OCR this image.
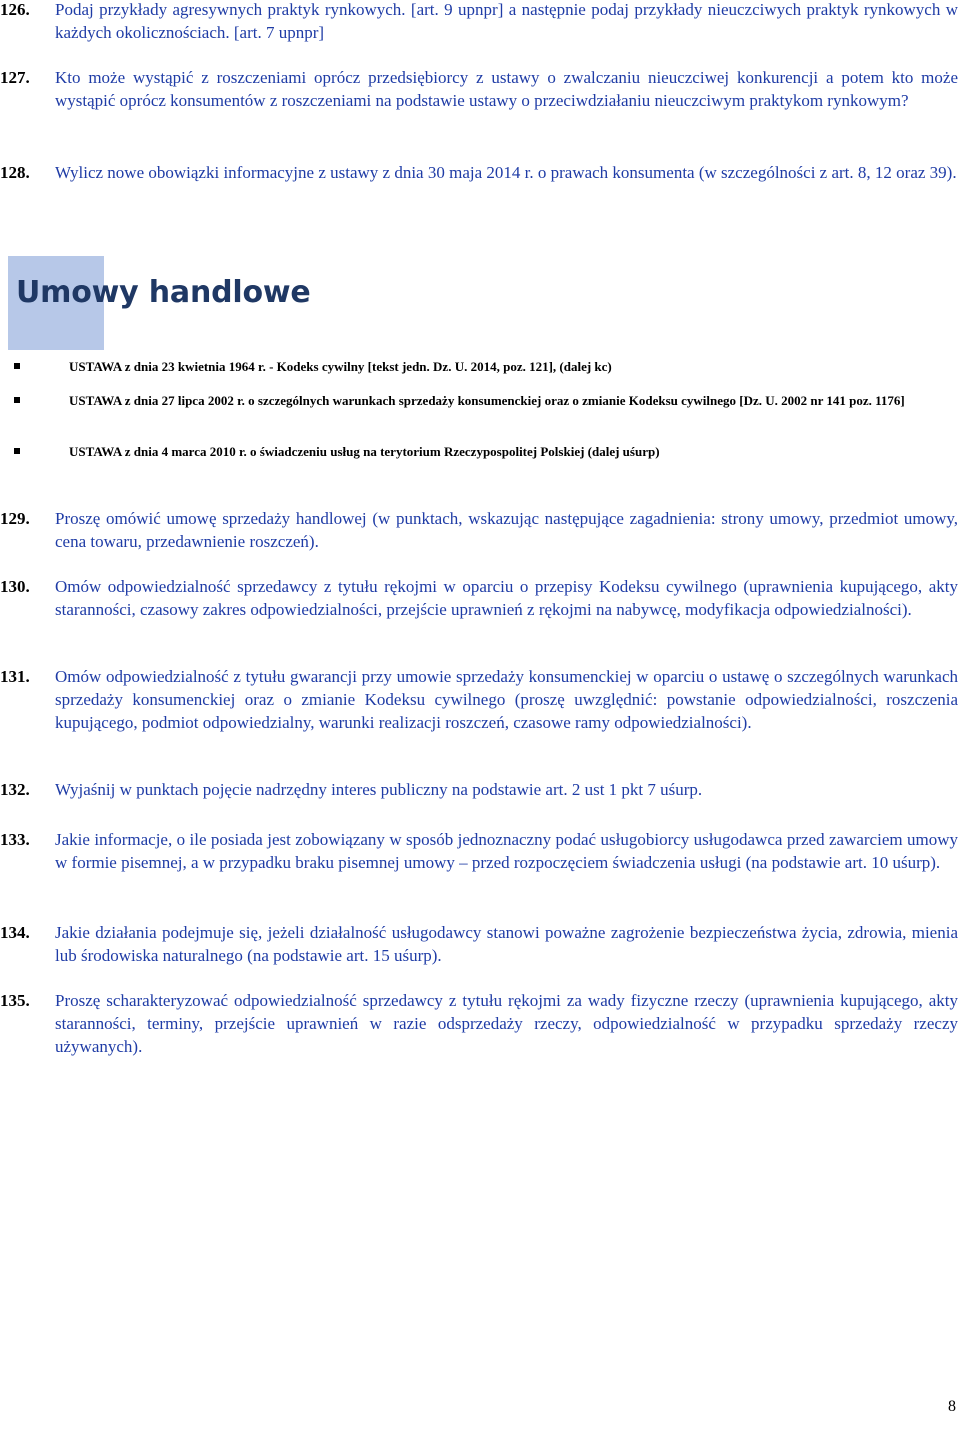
126.	Podaj przykłady agresywnych praktyk rynkowych. [art. 9 upnpr] a następnie podaj przykłady nieuczciwych praktyk rynkowych w każdych okolicznościach. [art. 7 upnpr]
127.	Kto może wystąpić z roszczeniami oprócz przedsiębiorcy z ustawy o zwalczaniu nieuczciwej konkurencji a potem kto może wystąpić oprócz konsumentów z roszczeniami na podstawie ustawy o przeciwdziałaniu nieuczciwym praktykom rynkowym?
128.	Wylicz nowe obowiązki informacyjne z ustawy z dnia 30 maja 2014 r. o prawach konsumenta (w szczególności z art. 8, 12 oraz 39).
Umowy handlowe
USTAWA z dnia 23 kwietnia 1964 r. - Kodeks cywilny [tekst jedn. Dz. U. 2014, poz. 121], (dalej kc)
USTAWA z dnia 27 lipca 2002 r. o szczególnych warunkach sprzedaży konsumenckiej oraz o zmianie Kodeksu cywilnego [Dz. U. 2002 nr 141 poz. 1176]
USTAWA z dnia 4 marca 2010 r. o świadczeniu usług na terytorium Rzeczypospolitej Polskiej (dalej uśurp)
129.	Proszę omówić umowę sprzedaży handlowej (w punktach, wskazując następujące zagadnienia: strony umowy, przedmiot umowy, cena towaru, przedawnienie roszczeń).
130.	Omów odpowiedzialność sprzedawcy z tytułu rękojmi w oparciu o przepisy Kodeksu cywilnego (uprawnienia kupującego, akty staranności, czasowy zakres odpowiedzialności, przejście uprawnień z rękojmi na nabywcę, modyfikacja odpowiedzialności).
131.	Omów odpowiedzialność z tytułu gwarancji przy umowie sprzedaży konsumenckiej w oparciu o ustawę o szczególnych warunkach sprzedaży konsumenckiej oraz o zmianie Kodeksu cywilnego (proszę uwzględnić: powstanie odpowiedzialności, roszczenia kupującego, podmiot odpowiedzialny, warunki realizacji roszczeń, czasowe ramy odpowiedzialności).
132.	Wyjaśnij w punktach pojęcie nadrzędny interes publiczny na podstawie art. 2 ust 1 pkt 7 uśurp.
133.	Jakie informacje, o ile posiada jest zobowiązany w sposób jednoznaczny podać usługobiorcy usługodawca przed zawarciem umowy w formie pisemnej, a w przypadku braku pisemnej umowy – przed rozpoczęciem świadczenia usługi (na podstawie art. 10 uśurp).
134.	Jakie działania podejmuje się, jeżeli działalność usługodawcy stanowi poważne zagrożenie bezpieczeństwa życia, zdrowia, mienia lub środowiska naturalnego (na podstawie art. 15 uśurp).
135.	Proszę scharakteryzować odpowiedzialność sprzedawcy z tytułu rękojmi za wady fizyczne rzeczy (uprawnienia kupującego, akty staranności, terminy, przejście uprawnień w razie odsprzedaży rzeczy, odpowiedzialność w przypadku sprzedaży rzeczy używanych).
8
